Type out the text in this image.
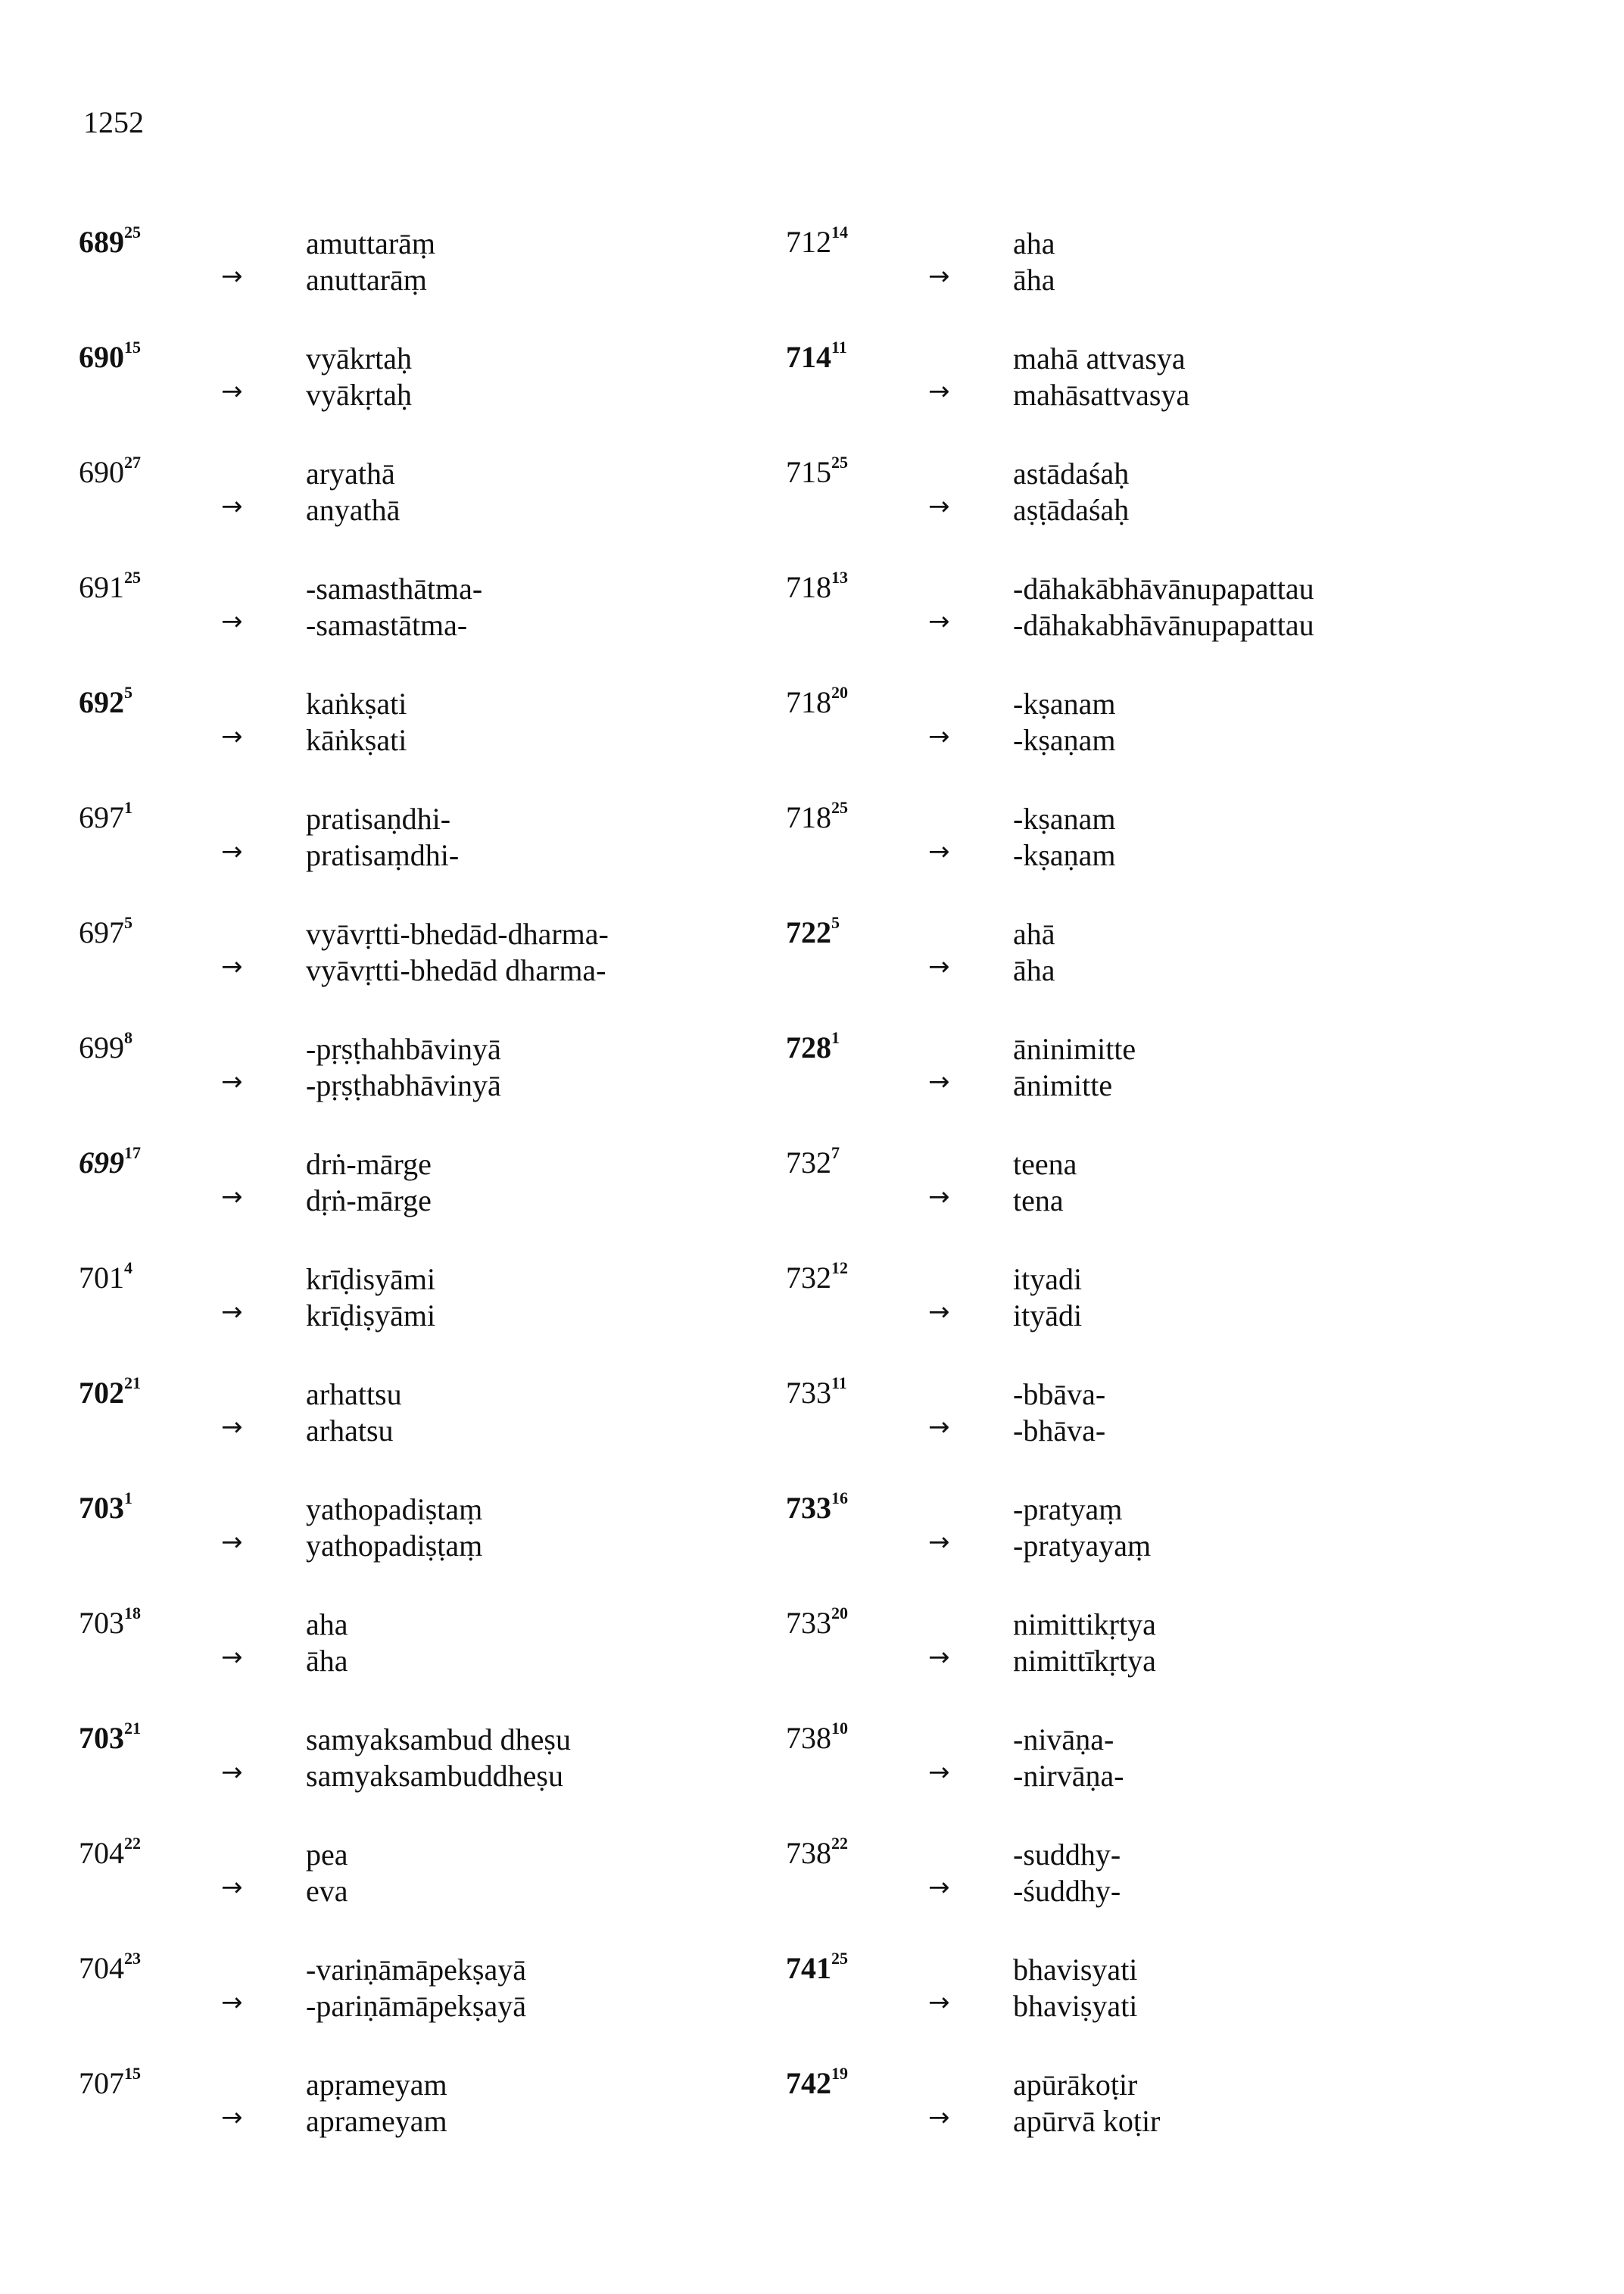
1252
$689^{25}$	amuttarāṃ
→ anuttarāṃ
$690^{15}$	vyākrtaḥ
→ vyākṛtaḥ
$690^{27}$	aryathā
→ anyathā
$691^{25}$	-samasthātma-
→ -samastātma-
$692^5$	kaṅkṣati
→ kāṅkṣati
$697^1$	pratisaṇdhi-
→ pratisaṃdhi-
$697^5$	vyāvṛtti-bhedād-dharma-
→ vyāvṛtti-bhedād dharma-
$699^8$	-pṛṣṭhahbāvinyā
→ -pṛṣṭhabhāvinyā
$699^{17}$	drṅ-mārge
→ dṛṅ-mārge
$701^4$	krīḍisyāmi
→ krīḍiṣyāmi
$702^{21}$	arhattsu
→ arhatsu
$703^1$	yathopadiṣtaṃ
→ yathopadiṣṭaṃ
$703^{18}$	aha
→ āha
$703^{21}$	samyaksambud dheṣu
→ samyaksambuddheṣu
$704^{22}$	pea
→ eva
$704^{23}$	-variṇāmāpekṣayā
→ -pariṇāmāpekṣayā
$707^{15}$	apṛameyam
→ aprameyam
$712^{14}$	aha
→ āha
$714^{11}$	mahā attvasya
→ mahāsattvasya
$715^{25}$	astādaśaḥ
→ aṣṭādaśaḥ
$718^{13}$	-dāhakābhāvānupapattau
→ -dāhakabhāvānupapattau
$718^{20}$	-kṣanam
→ -kṣaṇam
$718^{25}$	-kṣanam
→ -kṣaṇam
$722^5$	ahā
→ āha
$728^1$	āninimitte
→ ānimitte
$732^7$	teena
→ tena
$732^{12}$	ityadi
→ ityādi
$733^{11}$	-bbāva-
→ -bhāva-
$733^{16}$	-pratyaṃ
→ -pratyayaṃ
$733^{20}$	nimittikṛtya
→ nimittīkṛtya
$738^{10}$	-nivāṇa-
→ -nirvāṇa-
$738^{22}$	-suddhy-
→ -śuddhy-
$741^{25}$	bhavisyati
→ bhaviṣyati
$742^{19}$	apūrākoṭir
→ apūrvā koṭir
